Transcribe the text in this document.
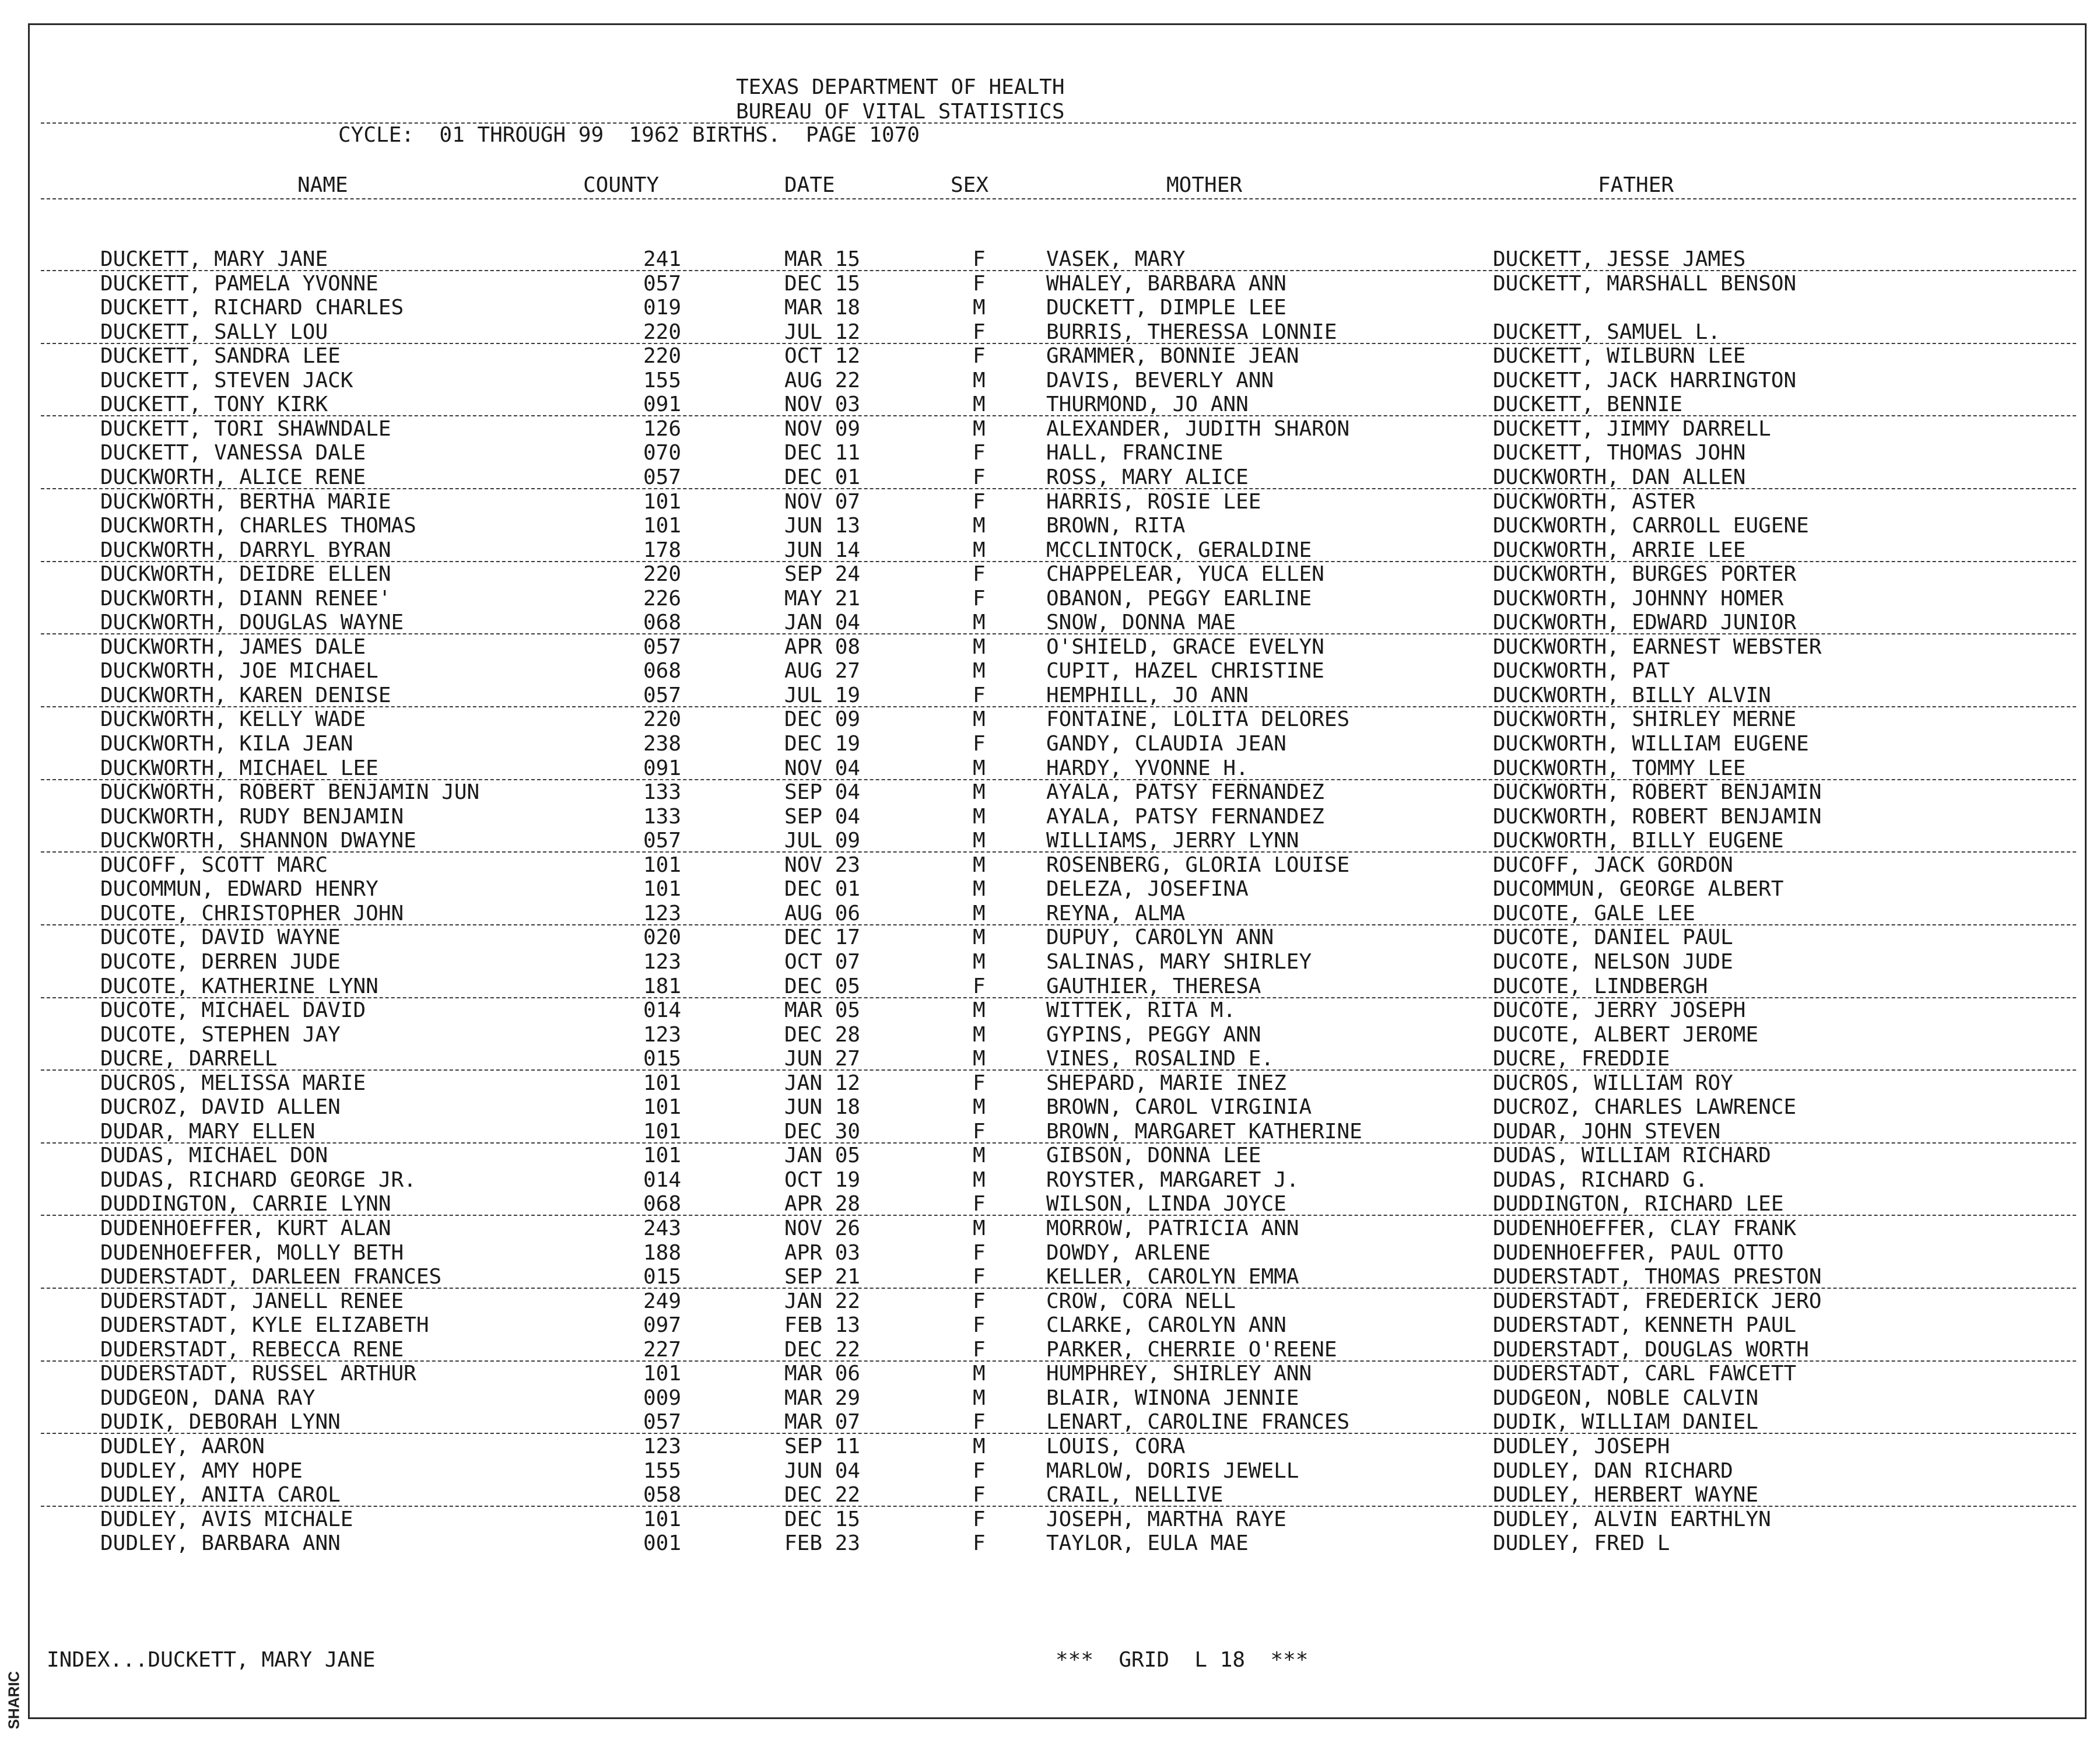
SHARIC
TEXAS DEPARTMENT OF HEALTH
BUREAU OF VITAL STATISTICS
CYCLE:  01 THROUGH 99  1962 BIRTHS.  PAGE 1070
NAME	COUNTY	DATE	SEX	MOTHER	FATHER
DUCKETT, MARY JANE	241	MAR 15	F	VASEK, MARY	DUCKETT, JESSE JAMES
DUCKETT, PAMELA YVONNE	057	DEC 15	F	WHALEY, BARBARA ANN	DUCKETT, MARSHALL BENSON
DUCKETT, RICHARD CHARLES	019	MAR 18	M	DUCKETT, DIMPLE LEE
DUCKETT, SALLY LOU	220	JUL 12	F	BURRIS, THERESSA LONNIE	DUCKETT, SAMUEL L.
DUCKETT, SANDRA LEE	220	OCT 12	F	GRAMMER, BONNIE JEAN	DUCKETT, WILBURN LEE
DUCKETT, STEVEN JACK	155	AUG 22	M	DAVIS, BEVERLY ANN	DUCKETT, JACK HARRINGTON
DUCKETT, TONY KIRK	091	NOV 03	M	THURMOND, JO ANN	DUCKETT, BENNIE
DUCKETT, TORI SHAWNDALE	126	NOV 09	M	ALEXANDER, JUDITH SHARON	DUCKETT, JIMMY DARRELL
DUCKETT, VANESSA DALE	070	DEC 11	F	HALL, FRANCINE	DUCKETT, THOMAS JOHN
DUCKWORTH, ALICE RENE	057	DEC 01	F	ROSS, MARY ALICE	DUCKWORTH, DAN ALLEN
DUCKWORTH, BERTHA MARIE	101	NOV 07	F	HARRIS, ROSIE LEE	DUCKWORTH, ASTER
DUCKWORTH, CHARLES THOMAS	101	JUN 13	M	BROWN, RITA	DUCKWORTH, CARROLL EUGENE
DUCKWORTH, DARRYL BYRAN	178	JUN 14	M	MCCLINTOCK, GERALDINE	DUCKWORTH, ARRIE LEE
DUCKWORTH, DEIDRE ELLEN	220	SEP 24	F	CHAPPELEAR, YUCA ELLEN	DUCKWORTH, BURGES PORTER
DUCKWORTH, DIANN RENEE'	226	MAY 21	F	OBANON, PEGGY EARLINE	DUCKWORTH, JOHNNY HOMER
DUCKWORTH, DOUGLAS WAYNE	068	JAN 04	M	SNOW, DONNA MAE	DUCKWORTH, EDWARD JUNIOR
DUCKWORTH, JAMES DALE	057	APR 08	M	O'SHIELD, GRACE EVELYN	DUCKWORTH, EARNEST WEBSTER
DUCKWORTH, JOE MICHAEL	068	AUG 27	M	CUPIT, HAZEL CHRISTINE	DUCKWORTH, PAT
DUCKWORTH, KAREN DENISE	057	JUL 19	F	HEMPHILL, JO ANN	DUCKWORTH, BILLY ALVIN
DUCKWORTH, KELLY WADE	220	DEC 09	M	FONTAINE, LOLITA DELORES	DUCKWORTH, SHIRLEY MERNE
DUCKWORTH, KILA JEAN	238	DEC 19	F	GANDY, CLAUDIA JEAN	DUCKWORTH, WILLIAM EUGENE
DUCKWORTH, MICHAEL LEE	091	NOV 04	M	HARDY, YVONNE H.	DUCKWORTH, TOMMY LEE
DUCKWORTH, ROBERT BENJAMIN JUN	133	SEP 04	M	AYALA, PATSY FERNANDEZ	DUCKWORTH, ROBERT BENJAMIN
DUCKWORTH, RUDY BENJAMIN	133	SEP 04	M	AYALA, PATSY FERNANDEZ	DUCKWORTH, ROBERT BENJAMIN
DUCKWORTH, SHANNON DWAYNE	057	JUL 09	M	WILLIAMS, JERRY LYNN	DUCKWORTH, BILLY EUGENE
DUCOFF, SCOTT MARC	101	NOV 23	M	ROSENBERG, GLORIA LOUISE	DUCOFF, JACK GORDON
DUCOMMUN, EDWARD HENRY	101	DEC 01	M	DELEZA, JOSEFINA	DUCOMMUN, GEORGE ALBERT
DUCOTE, CHRISTOPHER JOHN	123	AUG 06	M	REYNA, ALMA	DUCOTE, GALE LEE
DUCOTE, DAVID WAYNE	020	DEC 17	M	DUPUY, CAROLYN ANN	DUCOTE, DANIEL PAUL
DUCOTE, DERREN JUDE	123	OCT 07	M	SALINAS, MARY SHIRLEY	DUCOTE, NELSON JUDE
DUCOTE, KATHERINE LYNN	181	DEC 05	F	GAUTHIER, THERESA	DUCOTE, LINDBERGH
DUCOTE, MICHAEL DAVID	014	MAR 05	M	WITTEK, RITA M.	DUCOTE, JERRY JOSEPH
DUCOTE, STEPHEN JAY	123	DEC 28	M	GYPINS, PEGGY ANN	DUCOTE, ALBERT JEROME
DUCRE, DARRELL	015	JUN 27	M	VINES, ROSALIND E.	DUCRE, FREDDIE
DUCROS, MELISSA MARIE	101	JAN 12	F	SHEPARD, MARIE INEZ	DUCROS, WILLIAM ROY
DUCROZ, DAVID ALLEN	101	JUN 18	M	BROWN, CAROL VIRGINIA	DUCROZ, CHARLES LAWRENCE
DUDAR, MARY ELLEN	101	DEC 30	F	BROWN, MARGARET KATHERINE	DUDAR, JOHN STEVEN
DUDAS, MICHAEL DON	101	JAN 05	M	GIBSON, DONNA LEE	DUDAS, WILLIAM RICHARD
DUDAS, RICHARD GEORGE JR.	014	OCT 19	M	ROYSTER, MARGARET J.	DUDAS, RICHARD G.
DUDDINGTON, CARRIE LYNN	068	APR 28	F	WILSON, LINDA JOYCE	DUDDINGTON, RICHARD LEE
DUDENHOEFFER, KURT ALAN	243	NOV 26	M	MORROW, PATRICIA ANN	DUDENHOEFFER, CLAY FRANK
DUDENHOEFFER, MOLLY BETH	188	APR 03	F	DOWDY, ARLENE	DUDENHOEFFER, PAUL OTTO
DUDERSTADT, DARLEEN FRANCES	015	SEP 21	F	KELLER, CAROLYN EMMA	DUDERSTADT, THOMAS PRESTON
DUDERSTADT, JANELL RENEE	249	JAN 22	F	CROW, CORA NELL	DUDERSTADT, FREDERICK JERO
DUDERSTADT, KYLE ELIZABETH	097	FEB 13	F	CLARKE, CAROLYN ANN	DUDERSTADT, KENNETH PAUL
DUDERSTADT, REBECCA RENE	227	DEC 22	F	PARKER, CHERRIE O'REENE	DUDERSTADT, DOUGLAS WORTH
DUDERSTADT, RUSSEL ARTHUR	101	MAR 06	M	HUMPHREY, SHIRLEY ANN	DUDERSTADT, CARL FAWCETT
DUDGEON, DANA RAY	009	MAR 29	M	BLAIR, WINONA JENNIE	DUDGEON, NOBLE CALVIN
DUDIK, DEBORAH LYNN	057	MAR 07	F	LENART, CAROLINE FRANCES	DUDIK, WILLIAM DANIEL
DUDLEY, AARON	123	SEP 11	M	LOUIS, CORA	DUDLEY, JOSEPH
DUDLEY, AMY HOPE	155	JUN 04	F	MARLOW, DORIS JEWELL	DUDLEY, DAN RICHARD
DUDLEY, ANITA CAROL	058	DEC 22	F	CRAIL, NELLIVE	DUDLEY, HERBERT WAYNE
DUDLEY, AVIS MICHALE	101	DEC 15	F	JOSEPH, MARTHA RAYE	DUDLEY, ALVIN EARTHLYN
DUDLEY, BARBARA ANN	001	FEB 23	F	TAYLOR, EULA MAE	DUDLEY, FRED L
INDEX...DUCKETT, MARY JANE	***  GRID  L 18  ***
